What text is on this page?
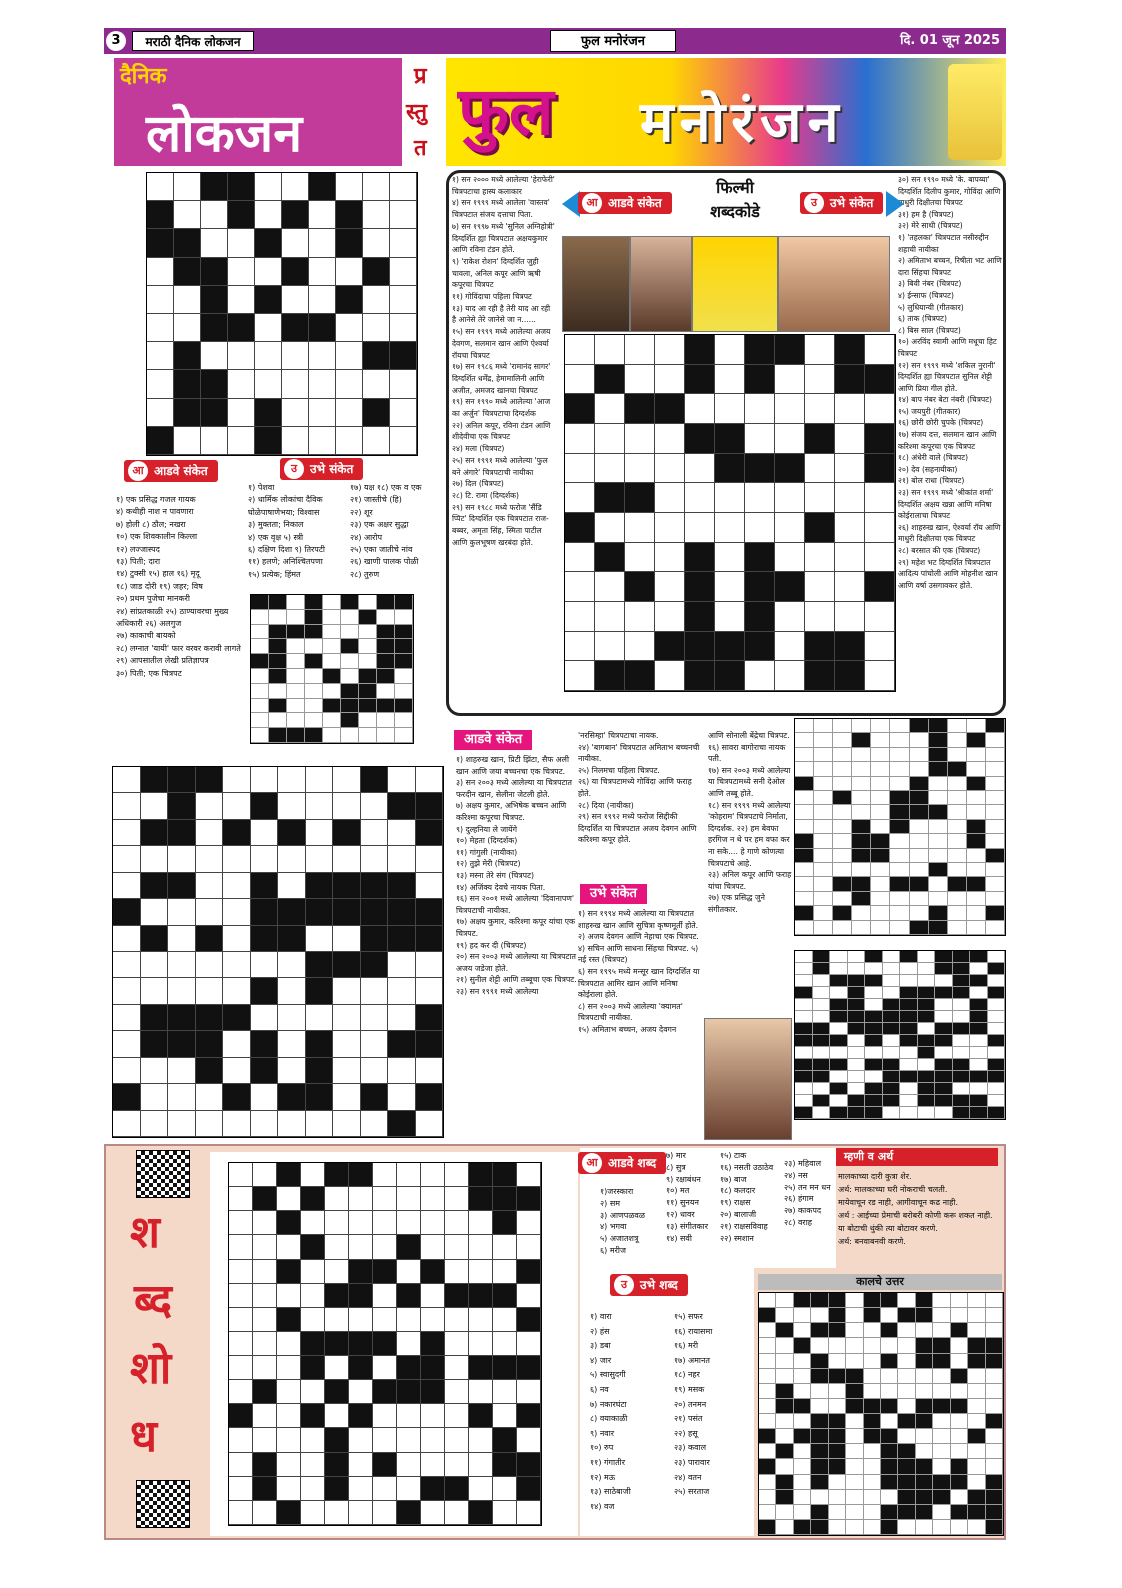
3	मराठी दैनिक लोकजन	फुल मनोरंजन	दि. 01 जून 2025
दैनिक
लोकजन
प्र
स्तु
त फुल मनोरंजन
आ आडवे संकेत	उ	उभे संकेत

१) एक प्रसिद्ध गजल गायक

४) कथीही नाश न पावणारा

७) होली ८) ठौल; नखरा

१०) एक शिवकालीन किल्ला

१२) लज्जास्पद

१३) पिती; दारा

१४) टुक्सी १५) हाल १६) मृदू

१८) जाड दोरी १९) जहर; विष

२०) प्रथम पुजेचा मानकरी

२४) सांप्रतकाळी २५) ठाण्यावरचा मुख्य अधिकारी २६) अलगुज

२७) काकाची बायको

२८) लग्नात 'यायी' फार वरवर करावी लागते

२९) आपसातील लेखी प्रतिज्ञापत्र

३०) पिती; एक चित्रपट

१) पेशवा

२) धार्मिक लोकांचा दैविक घोळेपाषाणेभया; विश्वास

३) मुक्तता; निकाल

४) एक वृक्ष ५) स्त्री

६) दक्षिण दिशा ९) तिरपटी

११) हलणे; अनिश्चितपणा

१५) प्रत्येक; हिंमत

१७) यक्ष १८) एक व एक

२१) जास्तीचे (हि)

२२) शूर

२३) एक अक्षर सुद्धा

२४) आरोप

२५) एका जातीचे नांव

२६) खाणी पालक पोळी

२८) तुरुण

१) सन २००० मध्ये आलेल्या 'हेराफेरी' चित्रपटाचा हास्य कलाकार

४) सन १९९९ मध्ये आलेला 'वास्तव' चित्रपटात संजय दत्ताचा पिता.

७) सन १९९७ मध्ये 'सुनिल अग्निहोत्री' दिग्दर्शित ह्या चित्रपटात अक्षयकुमार आणि रविना टंडन होते.

९) 'राकेश रोशन' दिग्दर्शित जुही चावला, अनिल कपूर आणि ऋषी कपूरचा चित्रपट

११) गोविंदाचा पहिला चित्रपट

१३) याद आ रही है तेरी याद आ रही है आनेसे तेरे जानेसे जा न......

१५) सन १९९९ मध्ये आलेल्या अजय देवगण, सलमान खान आणि ऐश्वर्या रॉयचा चित्रपट

१७) सन १९८६ मध्ये 'रामानंद सागर' दिग्दर्शित धर्मेंद्र, हेमामालिनी आणि अजीत, अमजद खानचा चित्रपट

१९) सन १९९० मध्ये आलेल्या 'आज का अर्जुन' चित्रपटाचा दिग्दर्शक

२२) अनिल कपूर, रविना टंडन आणि शीदेवीचा एक चित्रपट

२४) मला (चित्रपट)

२५) सन १९९१ मध्ये आलेल्या 'फुल बने अंगारे' चित्रपटाची नायीका

२७) दिल (चित्रपट)

२८) टि. रामा (दिग्दर्शक)

२९) सन १९८८ मध्ये फरोज 'सैंडि प्पिट' दिग्दर्शित एक चित्रपटात राज-बब्बर, अमृता सिंह, स्मिता पाटील आणि कुलभूषण खरबंदा होते.

३०) सन १९९० मध्ये 'के. बापय्या' दिग्दर्शित दिलीप कुमार, गोविंदा आणि माधुरी दिक्षीतचा चित्रपट

३१) हम है (चित्रपट)

३२) मेरे साथी (चित्रपट)

१) 'तहलका' चित्रपटात नसीरुद्दीन शहाची नायीका

२) अमिताभ बच्चन, रिषीता भट आणि दारा सिंहचा चित्रपट

३) बिवी नंबर (चित्रपट)

४) ईन्साफ (चित्रपट)

५) लुधियान्वी (गीतकार)

६) ताक (चित्रपट)

८) बिस साल (चित्रपट)

१०) अरविंद स्वामी आणि मधूचा हिट चित्रपट

१२) सन १९९९ मध्ये 'शकिल नुरानी' दिग्दर्शित ह्या चित्रपटात सुनिल शेट्टी आणि प्रिया गील होते.

१४) बाप नंबर बेटा नंबरी (चित्रपट)

१५) जयपुरी (गीतकार)

१६) छोरी छोरी चुपके (चित्रपट)

१७) संजय दत्त, सलमान खान आणि करिश्मा कपूरचा एक चित्रपट

१८) अंधेरी वाले (चित्रपट)

२०) देव (सहनायीका)

२१) बोल राधा (चित्रपट)

२३) सन १९९९ मध्ये 'श्रीकांत शर्मा' दिग्दर्शित अक्षय खन्ना आणि मनिषा कोईरालाचा चित्रपट

२६) शाहरुख खान, ऐश्वर्या रॉय आणि माधुरी दिक्षीतचा एक चित्रपट

२८) बरसात की एक (चित्रपट)

२९) महेश भट दिग्दर्शित चित्रपटात आदित्य पांचोली आणि मोहनीश खान आणि वर्षा उसगावकर होते.

फिल्मी शब्दकोडे
आ आडवे संकेत	उ	उभे संकेत
आडवे संकेत

१) शाहरुख खान, प्रिटी झिंटा, सैफ अली खान आणि जया बच्चनचा एक चित्रपट.

३) सन २००३ मध्ये आलेल्या या चित्रपटात फरदीन खान, सेलीना जेटली होते.

७) अक्षय कुमार, अभिषेक बच्चन आणि करिश्मा कपूरचा चित्रपट.

९) दुल्हनिया ले जायेंगे

१०) मेहता (दिग्दर्शक)

११) गांगुली (नायीका)

१२) तुझे मेरी (चित्रपट)

१३) मस्ना तेरे संग (चित्रपट)

१४) अजिंक्य देवचे नायक पिता.

१६) सन २००१ मध्ये आलेल्या 'दिवानापण' चित्रपटाची नायीका.

१७) अक्षय कुमार, करिश्मा कपूर यांचा एक चित्रपट.

१९) हद कर दी (चित्रपट)

२०) सन २००३ मध्ये आलेल्या या चित्रपटात अजय जडेजा होते.

२१) सुनील शेट्टी आणि तब्बूचा एक चित्रपट.

२३) सन १९९१ मध्ये आलेल्या

'नरसिम्हा' चित्रपटाचा नायक.

२४) 'बागबान' चित्रपटात अमिताभ बच्चनची नायीका.

२५) निलमचा पहिला चित्रपट.

२६) या चित्रपटामध्ये गोविंदा आणि फराह होते.

२८) दिया (नायीका)

२९) सन १९९२ मध्ये फरोज सिद्दीकी दिग्दर्शित या चित्रपटात अजय देवगन आणि करिश्मा कपूर होते.

उभे संकेत

१) सन १९९४ मध्ये आलेल्या या चित्रपटात शाहरुख खान आणि सुचित्रा कृष्णमूर्ती होते.

२) अजय देवगन आणि नेहाचा एक चित्रपट.

४) सचिन आणि साधना सिंहचा चित्रपट. ५) नई रस्त (चित्रपट)

६) सन १९९५ मध्ये मन्सूर खान दिग्दर्शित या चित्रपटात आमिर खान आणि मनिषा कोईराला होते.

८) सन २००३ मध्ये आलेल्या 'क्यामत' चित्रपटाची नायीका.

१५) अमिताभ बच्चन, अजय देवगन

आणि सोनाली बेंद्रेचा चित्रपट. १६) सावरा बागोराचा नायक पती.

१७) सन २००३ मध्ये आलेल्या या चित्रपटामध्ये सनी देओल आणि तब्बू होते.

१८) सन १९९९ मध्ये आलेल्या 'कोहराम' चित्रपटाचे निर्माता, दिग्दर्शक. २२) हम बेवफा हरगिज न थे पर हम वफा कर ना सके.... हे गाणे कोणत्या चित्रपटाचे आहे.

२३) अनिल कपूर आणि फराह यांचा चित्रपट.

२७) एक प्रसिद्ध जुने संगीतकार.

श
ब्द
शो
ध
आ आडवे शब्द

१)जरस्कारा

२) सम

३) आणपळवळ

४) भगवा

५) अजातशत्रू

६) मरीज

७) मार

८) सुत्र

९) रक्षाबंधन

१०) मत

११) सुनयन

१२) धावर

१३) संगीतकार

१४) सवी

१५) टाक

१६) नसती उठाठेव

१७) बाज

१८) कलदार

१९) राक्षस

२०) बालाजी

२१) राक्षसविवाह

२२) स्मशान

२३) महिवाल

२४) नस

२५) तन मन धन

२६) हंगाम

२७) काकपद

२८) वराह

म्हणी व अर्थ

मालकाच्या दारी कुत्रा शेर.

अर्थ: मालकाच्या घरी नोकराची चलती.

मायेवाचून रड नाही, आगीवाचून कढ नाही.

अर्थ : आईच्या प्रेमाची बरोबरी कोणी करू शकत नाही.

या बोटाची थुंकी त्या बोटावर करणे.

अर्थ: बनवाबनवी करणे.

उ	उभे शब्द

१) वारा

२) हंस

३) डबा

४) जार

५) स्वासुदगी

६) नव

७) नकारघंटा

८) वयाकाळी

९) नवार

१०) रुप

११) गंगातीर

१२) मऊ

१३) साठेबाजी

१४) वज

१५) सफर

१६) रायासमा

१६) मरी

१७) अमानत

१८) नहर

१९) मसक

२०) तनमन

२१) पसंत

२२) हसू

२३) कवाल

२३) पारावार

२४) वतन

२५) सरताज

कालचे उत्तर
